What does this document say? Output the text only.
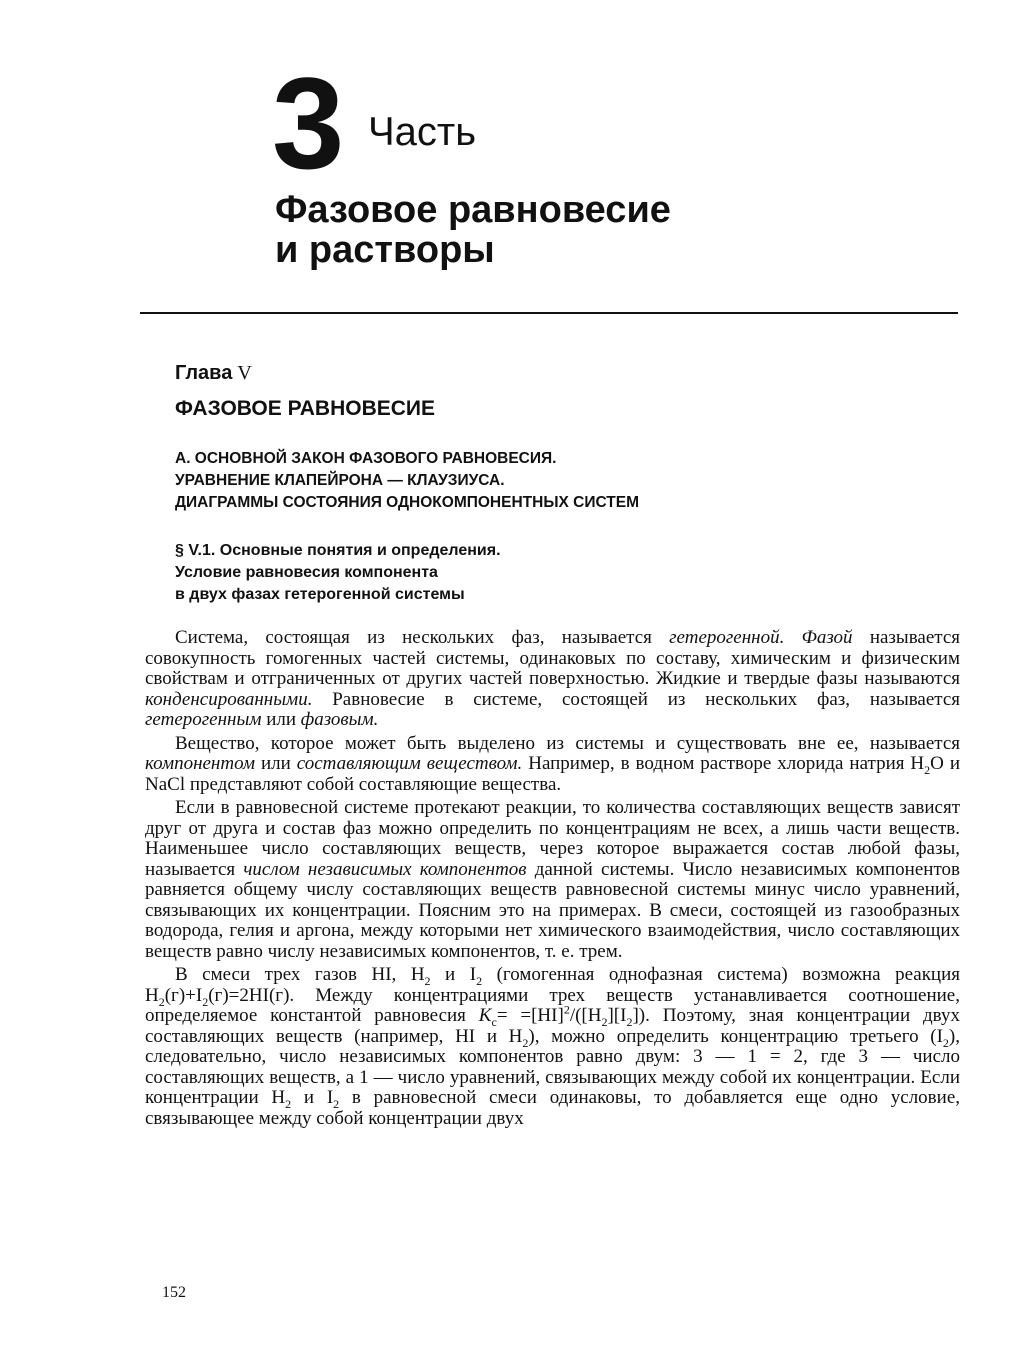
3 Часть
Фазовое равновесие
и растворы
Глава V
ФАЗОВОЕ РАВНОВЕСИЕ
А. ОСНОВНОЙ ЗАКОН ФАЗОВОГО РАВНОВЕСИЯ.
УРАВНЕНИЕ КЛАПЕЙРОНА — КЛАУЗИУСА.
ДИАГРАММЫ СОСТОЯНИЯ ОДНОКОМПОНЕНТНЫХ СИСТЕМ
§ V.1. Основные понятия и определения.
Условие равновесия компонента
в двух фазах гетерогенной системы

Система, состоящая из нескольких фаз, называется гетерогенной. Фазой называется совокупность гомогенных частей системы, одинаковых по составу, химическим и физическим свойствам и отграниченных от других частей поверхностью. Жидкие и твердые фазы называются конденсированными. Равновесие в системе, состоящей из нескольких фаз, называется гетерогенным или фазовым.

Вещество, которое может быть выделено из системы и существовать вне ее, называется компонентом или составляющим веществом. Например, в водном растворе хлорида натрия $H_2O$ и NaCl представляют собой составляющие вещества.

Если в равновесной системе протекают реакции, то количества составляющих веществ зависят друг от друга и состав фаз можно определить по концентрациям не всех, а лишь части веществ. Наименьшее число составляющих веществ, через которое выражается состав любой фазы, называется числом независимых компонентов данной системы. Число независимых компонентов равняется общему числу составляющих веществ равновесной системы минус число уравнений, связывающих их концентрации. Поясним это на примерах. В смеси, состоящей из газообразных водорода, гелия и аргона, между которыми нет химического взаимодействия, число составляющих веществ равно числу независимых компонентов, т. е. трем.

В смеси трех газов HI, $H_2$ и $I_2$ (гомогенная однофазная система) возможна реакция $H_2(г)+I_2(г)=2HI(г)$. Между концентрациями трех веществ устанавливается соотношение, определяемое константой равновесия $K_c= =[HI]^2/([H_2][I_2])$. Поэтому, зная концентрации двух составляющих веществ (например, HI и $H_2$), можно определить концентрацию третьего $(I_2)$, следовательно, число независимых компонентов равно двум: 3 — 1 = 2, где 3 — число составляющих веществ, а 1 — число уравнений, связывающих между собой их концентрации. Если концентрации $H_2$ и $I_2$ в равновесной смеси одинаковы, то добавляется еще одно условие, связывающее между собой концентрации двух

152
